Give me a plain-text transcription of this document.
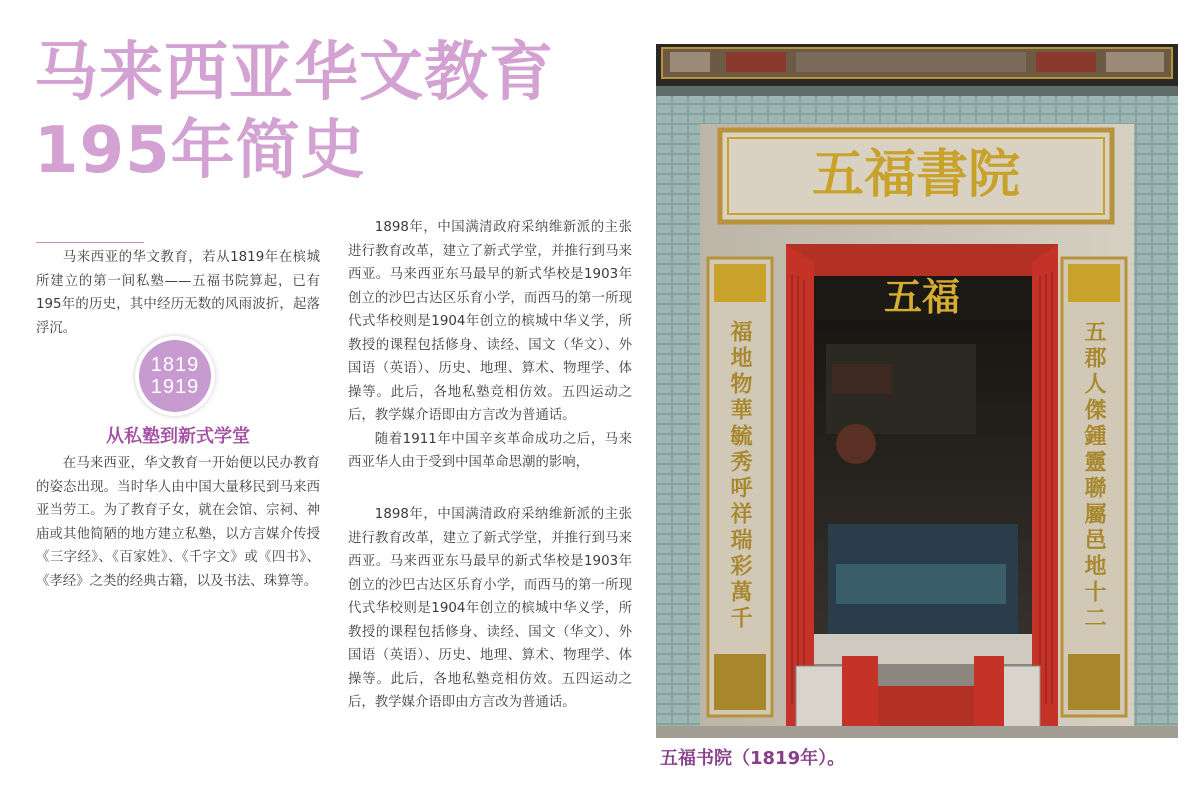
马来西亚华文教育
195年简史

马来西亚的华文教育，若从1819年在槟城所建立的第一间私塾——五福书院算起，已有195年的历史，其中经历无数的风雨波折，起落浮沉。

1819
1919
从私塾到新式学堂

在马来西亚，华文教育一开始便以民办教育的姿态出现。当时华人由中国大量移民到马来西亚当劳工。为了教育子女，就在会馆、宗祠、神庙或其他简陋的地方建立私塾，以方言媒介传授《三字经》、《百家姓》、《千字文》或《四书》、《孝经》之类的经典古籍，以及书法、珠算等。

1898年，中国满清政府采纳维新派的主张进行教育改革，建立了新式学堂，并推行到马来西亚。马来西亚东马最早的新式华校是1903年创立的沙巴古达区乐育小学，而西马的第一所现代式华校则是1904年创立的槟城中华义学，所教授的课程包括修身、读经、国文（华文）、外国语（英语）、历史、地理、算术、物理学、体操等。此后，各地私塾竞相仿效。五四运动之后，教学媒介语即由方言改为普通话。

随着1911年中国辛亥革命成功之后，马来西亚华人由于受到中国革命思潮的影响，

1898年，中国满清政府采纳维新派的主张进行教育改革，建立了新式学堂，并推行到马来西亚。马来西亚东马最早的新式华校是1903年创立的沙巴古达区乐育小学，而西马的第一所现代式华校则是1904年创立的槟城中华义学，所教授的课程包括修身、读经、国文（华文）、外国语（英语）、历史、地理、算术、物理学、体操等。此后，各地私塾竞相仿效。五四运动之后，教学媒介语即由方言改为普通话。

五福書院
五福
福地物華毓秀呼祥瑞彩萬千	五郡人傑鍾靈聯屬邑地十二
五福书院（1819年）。
